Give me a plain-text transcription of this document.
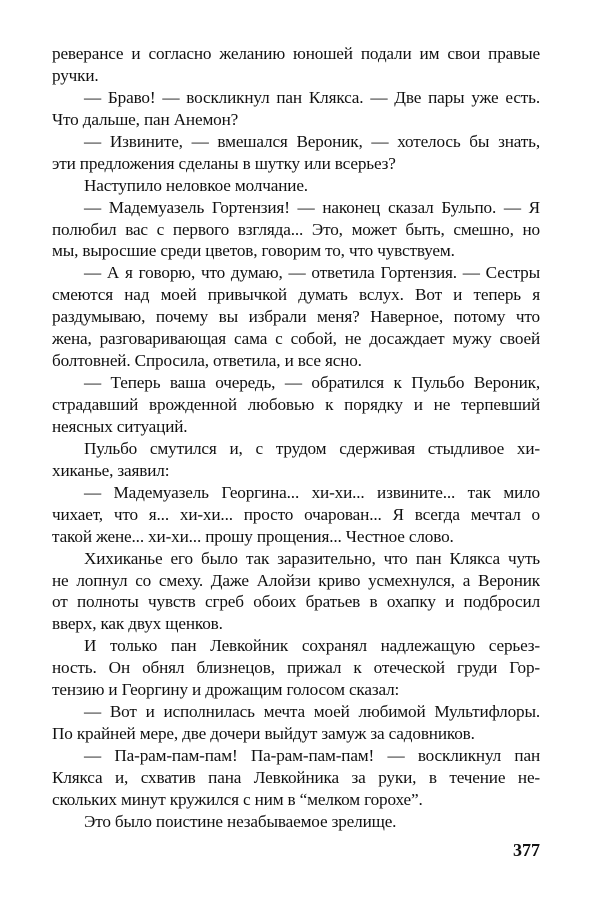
реверансе и согласно желанию юношей подали им свои правые
ручки.
— Браво! — воскликнул пан Клякса. — Две пары уже есть.
Что дальше, пан Анемон?
— Извините, — вмешался Вероник, — хотелось бы знать,
эти предложения сделаны в шутку или всерьез?
Наступило неловкое молчание.
— Мадемуазель Гортензия! — наконец сказал Бульпо. — Я
полюбил вас с первого взгляда... Это, может быть, смешно, но
мы, выросшие среди цветов, говорим то, что чувствуем.
— А я говорю, что думаю, — ответила Гортензия. — Сестры
смеются над моей привычкой думать вслух. Вот и теперь я
раздумываю, почему вы избрали меня? Наверное, потому что
жена, разговаривающая сама с собой, не досаждает мужу своей
болтовней. Спросила, ответила, и все ясно.
— Теперь ваша очередь, — обратился к Пульбо Вероник,
страдавший врожденной любовью к порядку и не терпевший
неясных ситуаций.
Пульбо смутился и, с трудом сдерживая стыдливое хи-
хиканье, заявил:
— Мадемуазель Георгина... хи-хи... извините... так мило
чихает, что я... хи-хи... просто очарован... Я всегда мечтал о
такой жене... хи-хи... прошу прощения... Честное слово.
Хихиканье его было так заразительно, что пан Клякса чуть
не лопнул со смеху. Даже Алойзи криво усмехнулся, а Вероник
от полноты чувств сгреб обоих братьев в охапку и подбросил
вверх, как двух щенков.
И только пан Левкойник сохранял надлежащую серьез-
ность. Он обнял близнецов, прижал к отеческой груди Гор-
тензию и Георгину и дрожащим голосом сказал:
— Вот и исполнилась мечта моей любимой Мультифлоры.
По крайней мере, две дочери выйдут замуж за садовников.
— Па-рам-пам-пам! Па-рам-пам-пам! — воскликнул пан
Клякса и, схватив пана Левкойника за руки, в течение не-
скольких минут кружился с ним в “мелком горохе”.
Это было поистине незабываемое зрелище.
377
